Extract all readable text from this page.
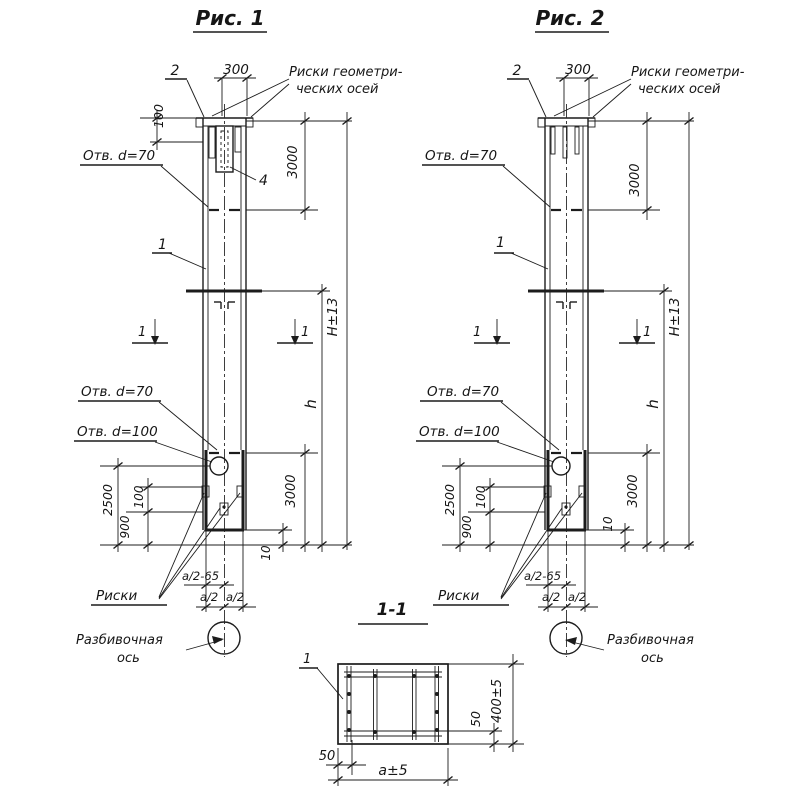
Рис. 1
2	300
100
Риски геометри-
ческих осей
Отв. d=70	3000
4
1
1	1
Отв. d=70
Отв. d=100
2500 100
900
3000
10
h
H±13
Риски
a/2-65
a/2 a/2
Разбивочная
ось
Рис. 2
2	300	Риски геометри-
ческих осей
Отв. d=70
3000
1
1	1
Отв. d=70
Отв. d=100
2500 100
900
3000
10
h
H±13
Риски
a/2-65
a/2 a/2
Разбивочная
ось
1-1
1
50
a±5
50 400±5
